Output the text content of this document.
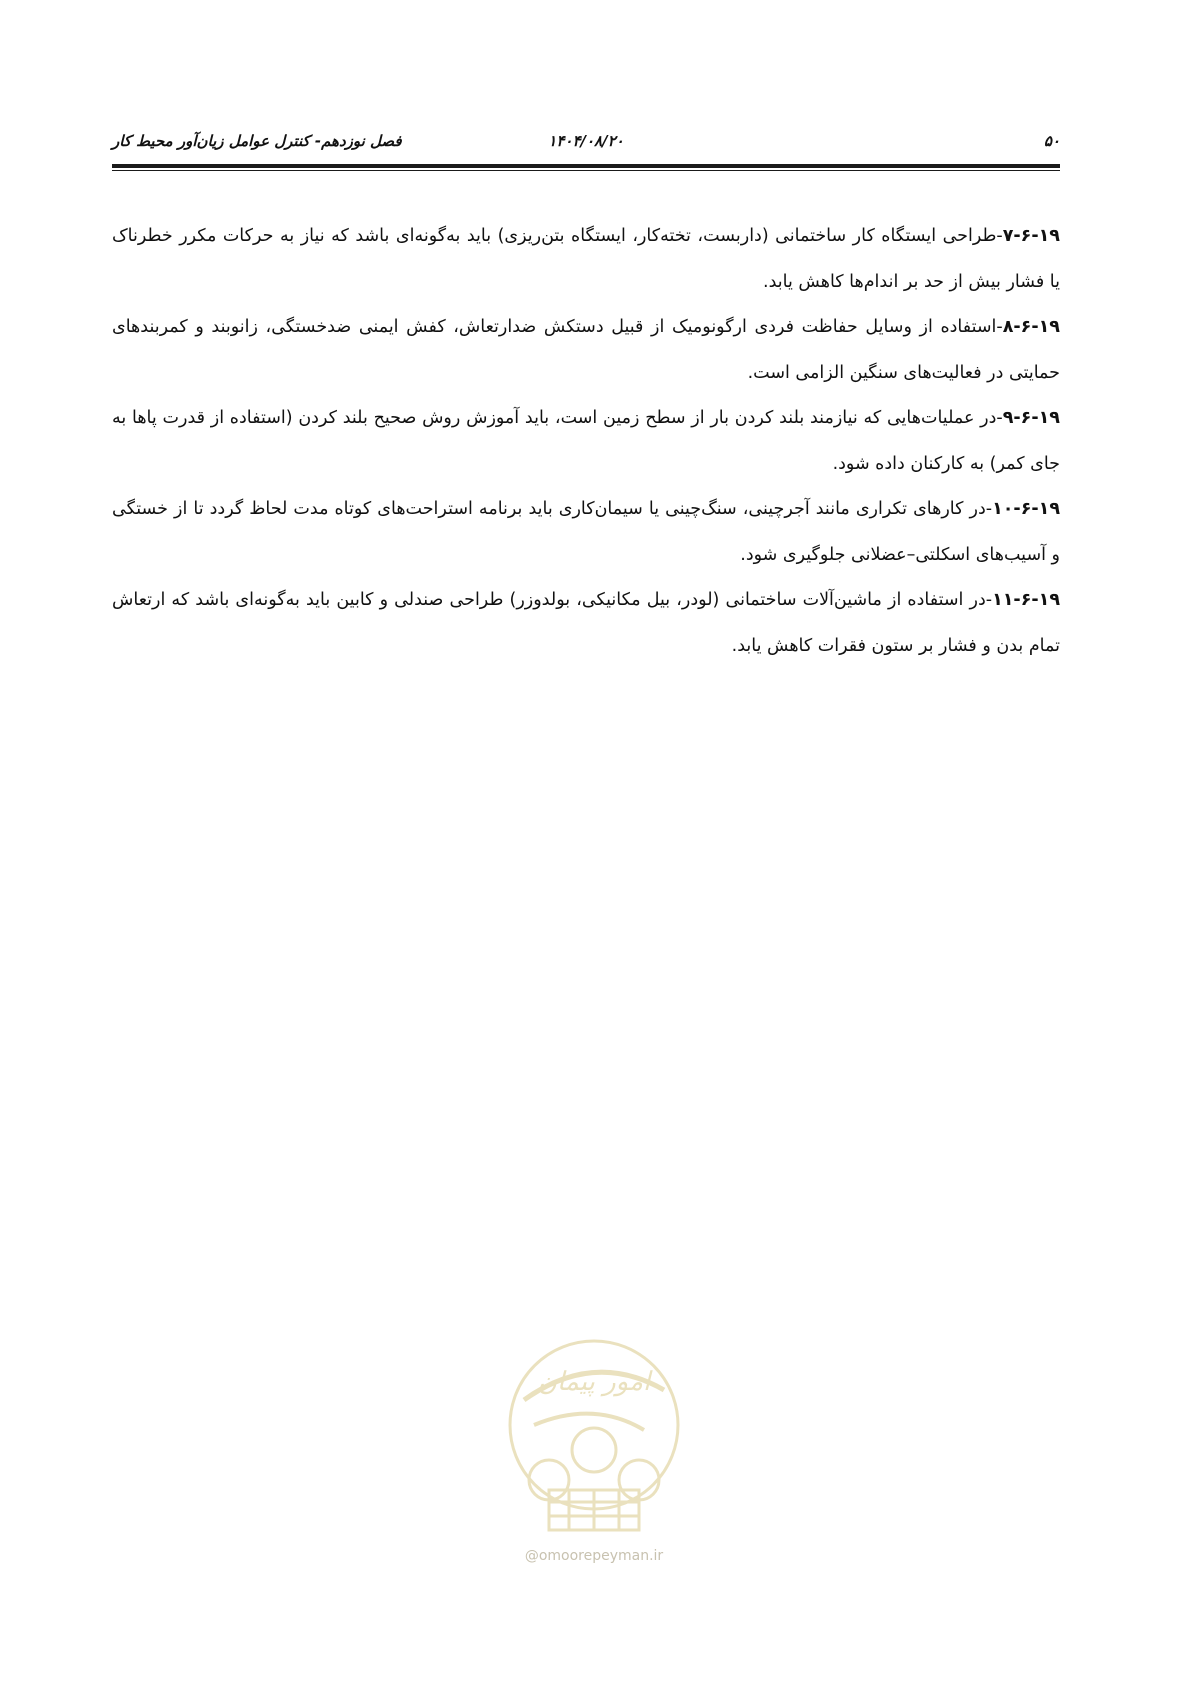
فصل نوزدهم- کنترل عوامل زیان‌آور محیط کار	۱۴۰۴/۰۸/۲۰	۵۰

۷-۶-۱۹-طراحی ایستگاه کار ساختمانی (داربست، تخته‌کار، ایستگاه بتن‌ریزی) باید به‌گونه‌ای باشد که نیاز به حرکات مکرر خطرناک یا فشار بیش از حد بر اندام‌ها کاهش یابد.

۸-۶-۱۹-استفاده از وسایل حفاظت فردی ارگونومیک از قبیل دستکش ضدارتعاش، کفش ایمنی ضدخستگی، زانوبند و کمربندهای حمایتی در فعالیت‌های سنگین الزامی است.

۹-۶-۱۹-در عملیات‌هایی که نیازمند بلند کردن بار از سطح زمین است، باید آموزش روش صحیح بلند کردن (استفاده از قدرت پاها به جای کمر) به کارکنان داده شود.

۱۰-۶-۱۹-در کارهای تکراری مانند آجرچینی، سنگ‌چینی یا سیمان‌کاری باید برنامه استراحت‌های کوتاه مدت لحاظ گردد تا از خستگی و آسیب‌های اسکلتی–عضلانی جلوگیری شود.

۱۱-۶-۱۹-در استفاده از ماشین‌آلات ساختمانی (لودر، بیل مکانیکی، بولدوزر) طراحی صندلی و کابین باید به‌گونه‌ای باشد که ارتعاش تمام بدن و فشار بر ستون فقرات کاهش یابد.

امور پیمان
@omoorepeyman.ir
